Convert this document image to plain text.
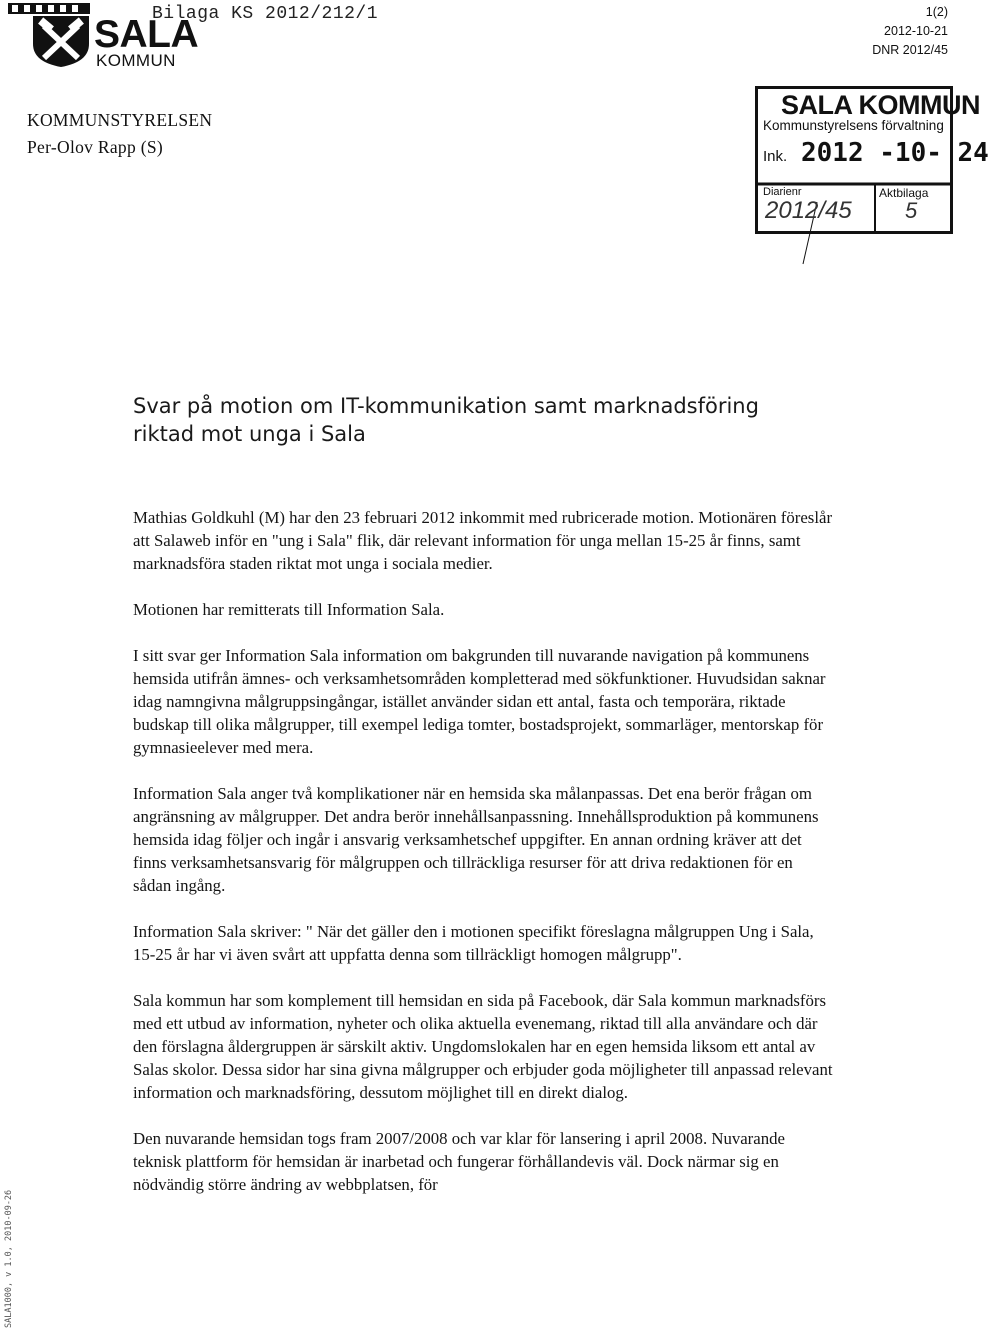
SALA
KOMMUN
Bilaga KS 2012/212/1	1(2)
2012-10-21
DNR 2012/45
KOMMUNSTYRELSEN
Per-Olov Rapp (S)
SALA KOMMUN
Kommunstyrelsens förvaltning
Ink. 2012 -10- 24
Diarienr
2012/45
Aktbilaga
5
Svar på motion om IT-kommunikation samt marknadsföring
riktad mot unga i Sala

Mathias Goldkuhl (M) har den 23 februari 2012 inkommit med rubricerade motion. Motionären föreslår att Salaweb inför en "ung i Sala" flik, där relevant information för unga mellan 15-25 år finns, samt marknadsföra staden riktat mot unga i sociala medier.

Motionen har remitterats till Information Sala.

I sitt svar ger Information Sala information om bakgrunden till nuvarande navigation på kommunens hemsida utifrån ämnes- och verksamhetsområden kompletterad med sökfunktioner. Huvudsidan saknar idag namngivna målgruppsingångar, istället använder sidan ett antal, fasta och temporära, riktade budskap till olika målgrupper, till exempel lediga tomter, bostadsprojekt, sommarläger, mentorskap för gymnasieelever med mera.

Information Sala anger två komplikationer när en hemsida ska målanpassas. Det ena berör frågan om angränsning av målgrupper. Det andra berör innehållsanpassning. Innehållsproduktion på kommunens hemsida idag följer och ingår i ansvarig verksamhetschef uppgifter. En annan ordning kräver att det finns verksamhetsansvarig för målgruppen och tillräckliga resurser för att driva redaktionen för en sådan ingång.

Information Sala skriver: " När det gäller den i motionen specifikt föreslagna målgruppen Ung i Sala, 15-25 år har vi även svårt att uppfatta denna som tillräckligt homogen målgrupp".

Sala kommun har som komplement till hemsidan en sida på Facebook, där Sala kommun marknadsförs med ett utbud av information, nyheter och olika aktuella evenemang, riktad till alla användare och där den förslagna åldergruppen är särskilt aktiv. Ungdomslokalen har en egen hemsida liksom ett antal av Salas skolor. Dessa sidor har sina givna målgrupper och erbjuder goda möjligheter till anpassad relevant information och marknadsföring, dessutom möjlighet till en direkt dialog.

Den nuvarande hemsidan togs fram 2007/2008 och var klar för lansering i april 2008. Nuvarande teknisk plattform för hemsidan är inarbetad och fungerar förhållandevis väl. Dock närmar sig en nödvändig större ändring av webbplatsen, för

SALA1000, v 1.0, 2010-09-26
